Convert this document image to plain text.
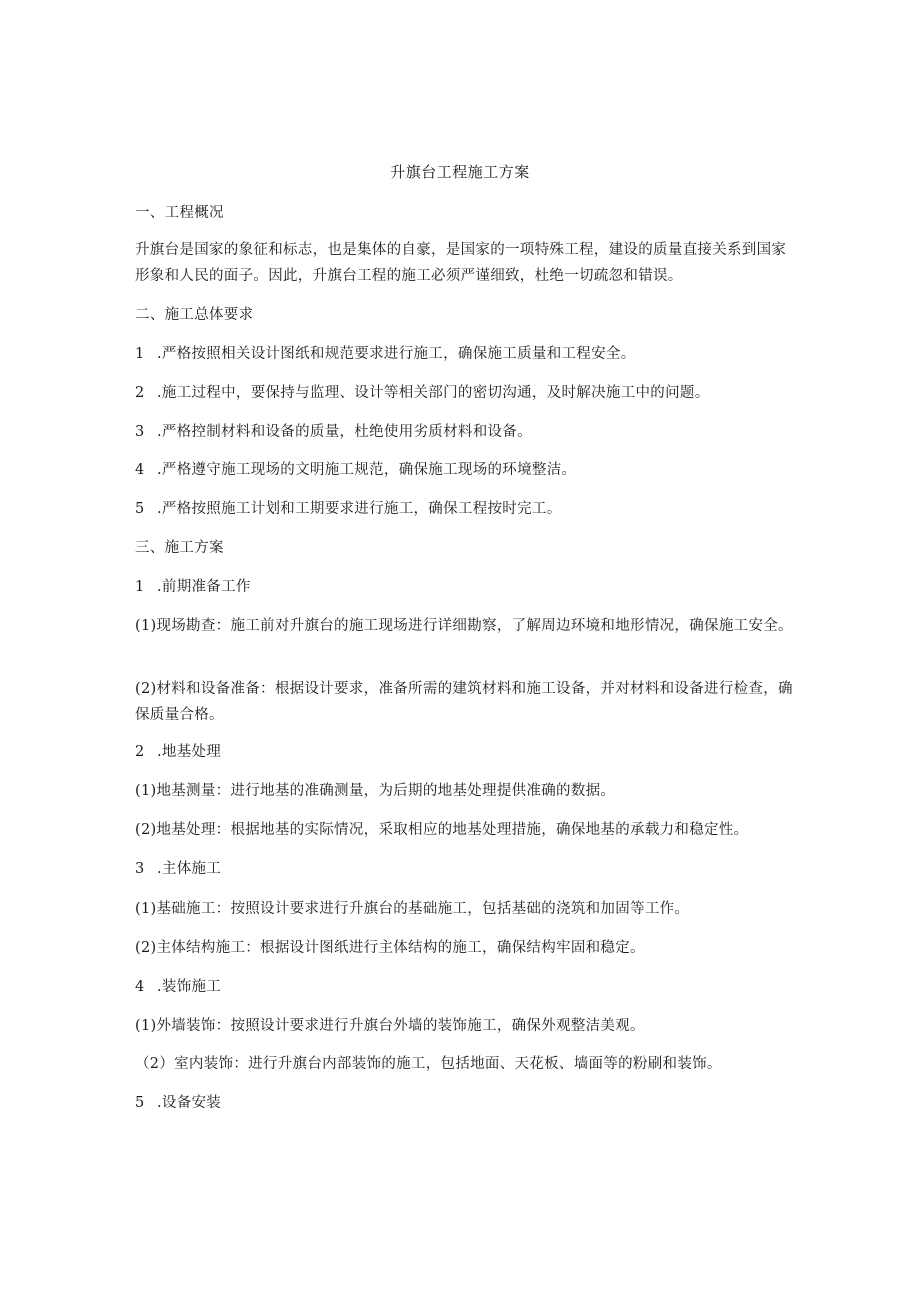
升旗台工程施工方案
一、工程概况
升旗台是国家的象征和标志，也是集体的自豪，是国家的一项特殊工程，建设的质量直接关系到国家形象和人民的面子。因此，升旗台工程的施工必须严谨细致，杜绝一切疏忽和错误。
二、施工总体要求
1 .严格按照相关设计图纸和规范要求进行施工，确保施工质量和工程安全。
2 .施工过程中，要保持与监理、设计等相关部门的密切沟通，及时解决施工中的问题。
3 .严格控制材料和设备的质量，杜绝使用劣质材料和设备。
4 .严格遵守施工现场的文明施工规范，确保施工现场的环境整洁。
5 .严格按照施工计划和工期要求进行施工，确保工程按时完工。
三、施工方案
1 .前期准备工作
(1)现场勘查：施工前对升旗台的施工现场进行详细勘察，了解周边环境和地形情况，确保施工安全。
(2)材料和设备准备：根据设计要求，准备所需的建筑材料和施工设备，并对材料和设备进行检查，确保质量合格。
2 .地基处理
(1)地基测量：进行地基的准确测量，为后期的地基处理提供准确的数据。
(2)地基处理：根据地基的实际情况，采取相应的地基处理措施，确保地基的承载力和稳定性。
3 .主体施工
(1)基础施工：按照设计要求进行升旗台的基础施工，包括基础的浇筑和加固等工作。
(2)主体结构施工：根据设计图纸进行主体结构的施工，确保结构牢固和稳定。
4 .装饰施工
(1)外墙装饰：按照设计要求进行升旗台外墙的装饰施工，确保外观整洁美观。
（2）室内装饰：进行升旗台内部装饰的施工，包括地面、天花板、墙面等的粉刷和装饰。
5 .设备安装
